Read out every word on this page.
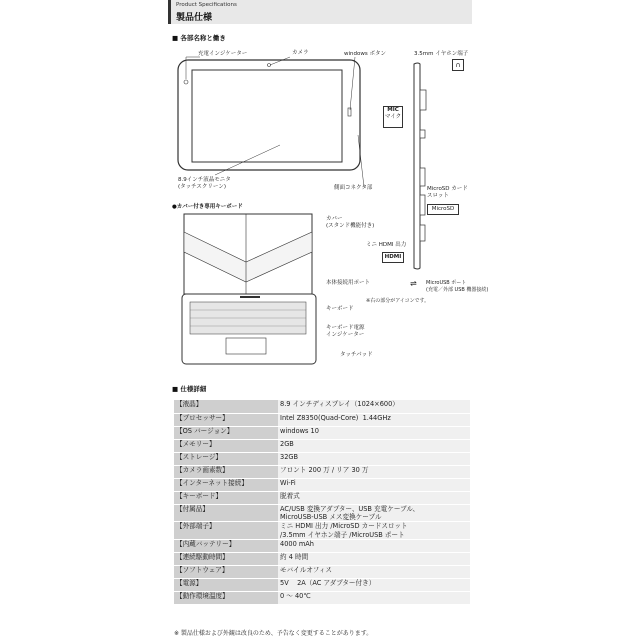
Product Specifications
製品仕様
■ 各部名称と働き
充電インジケーター	カメラ	windows ボタン
8.9インチ液晶モニタ
(タッチスクリーン)	側面コネクタ部
3.5mm イヤホン端子
∩
MIC
マイク
MicroSD カード
スロット
MicroSD
ミニ HDMI 出力
HDMI
⇌ MicroUSB ポート
(充電／外部 USB 機器接続)
※右の部分がアイコンです。
●カバー付き専用キーボード
カバー
(スタンド機能付き)
本体接続用ポート
キーボード
キーボード電源
インジケーター
タッチパッド
■ 仕様詳細
【液晶】	8.9 インチディスプレイ（1024×600）
【プロセッサー】	Intel Z8350(Quad-Core)  1.44GHz
【OS バージョン】	windows 10
【メモリー】	2GB
【ストレージ】	32GB
【カメラ画素数】	フロント 200 万 / リア 30 万
【インターネット接続】	Wi-Fi
【キーボード】	脱着式
【付属品】	AC/USB 変換アダプター、USB 充電ケーブル、
MicroUSB-USB メス変換ケーブル
【外部端子】	ミニ HDMI 出力 /MicroSD カードスロット
/3.5mm イヤホン端子 /MicroUSB ポート
【内蔵バッテリー】	4000 mAh
【連続駆動時間】	約 4 時間
【ソフトウェア】	モバイルオフィス
【電源】	5V    2A（AC アダプター付き）
【動作環境温度】	0 ～ 40℃
※ 製品仕様および外観は改良のため、予告なく変更することがあります。
